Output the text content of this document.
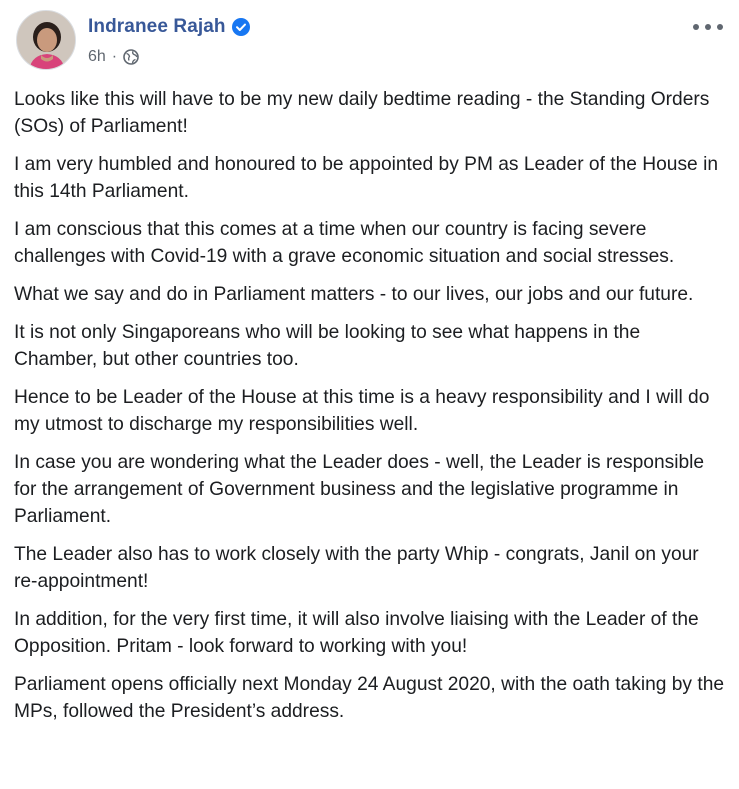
Indranee Rajah
6h ·

Looks like this will have to be my new daily bedtime reading - the Standing Orders (SOs) of Parliament!

I am very humbled and honoured to be appointed by PM as Leader of the House in this 14th Parliament.

I am conscious that this comes at a time when our country is facing severe challenges with Covid-19 with a grave economic situation and social stresses.

What we say and do in Parliament matters - to our lives, our jobs and our future.

It is not only Singaporeans who will be looking to see what happens in the Chamber, but other countries too.

Hence to be Leader of the House at this time is a heavy responsibility and I will do my utmost to discharge my responsibilities well.

In case you are wondering what the Leader does - well, the Leader is responsible for the arrangement of Government business and the legislative programme in Parliament.

The Leader also has to work closely with the party Whip - congrats, Janil on your re-appointment!

In addition, for the very first time, it will also involve liaising with the Leader of the Opposition. Pritam - look forward to working with you!

Parliament opens officially next Monday 24 August 2020, with the oath taking by the MPs, followed the President’s address.
